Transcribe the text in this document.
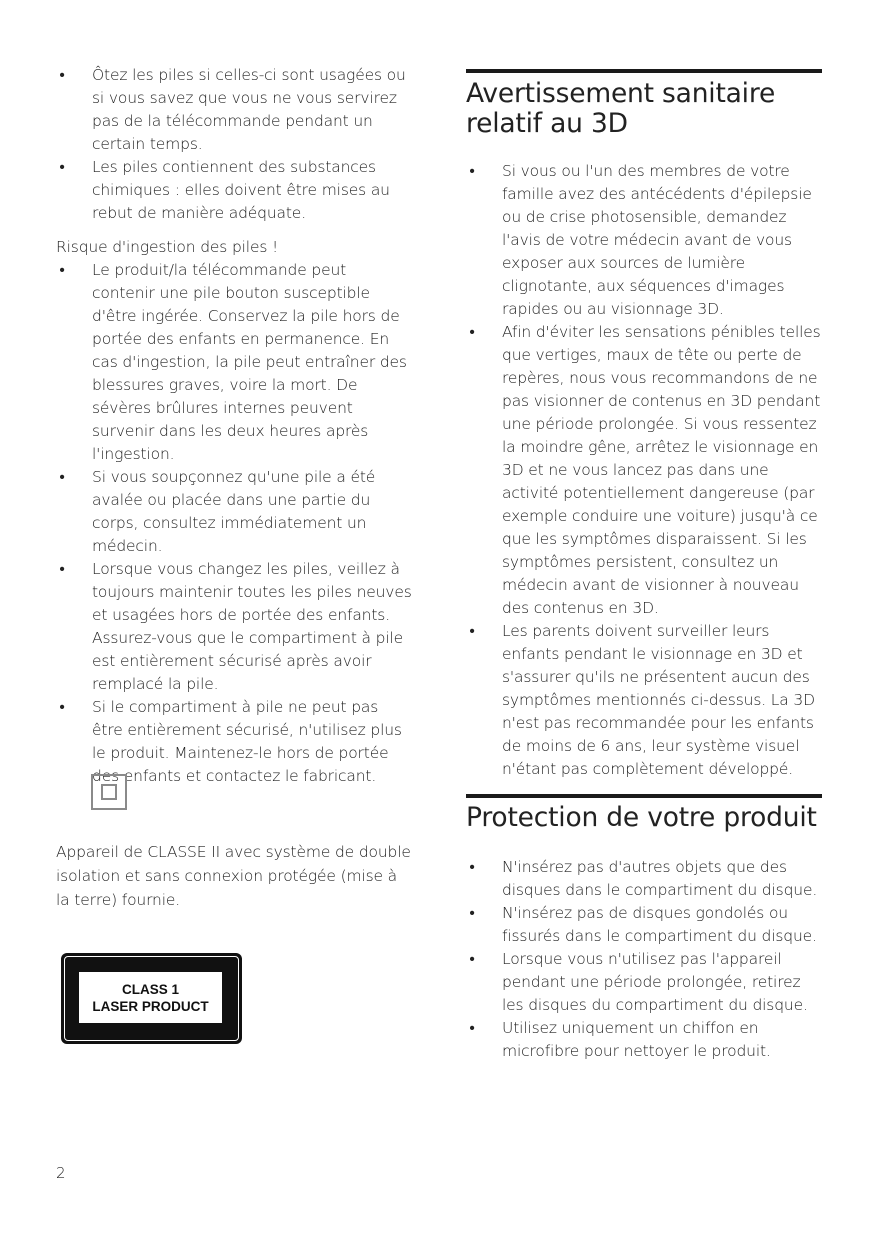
• Ôtez les piles si celles-ci sont usagées ou si vous savez que vous ne vous servirez pas de la télécommande pendant un certain temps.
• Les piles contiennent des substances chimiques : elles doivent être mises au rebut de manière adéquate.
Risque d'ingestion des piles !
• Le produit/la télécommande peut contenir une pile bouton susceptible d'être ingérée. Conservez la pile hors de portée des enfants en permanence. En cas d'ingestion, la pile peut entraîner des blessures graves, voire la mort. De sévères brûlures internes peuvent survenir dans les deux heures après l'ingestion.
• Si vous soupçonnez qu'une pile a été avalée ou placée dans une partie du corps, consultez immédiatement un médecin.
• Lorsque vous changez les piles, veillez à toujours maintenir toutes les piles neuves et usagées hors de portée des enfants. Assurez-vous que le compartiment à pile est entièrement sécurisé après avoir remplacé la pile.
• Si le compartiment à pile ne peut pas être entièrement sécurisé, n'utilisez plus le produit. Maintenez-le hors de portée des enfants et contactez le fabricant.
Appareil de CLASSE II avec système de double isolation et sans connexion protégée (mise à la terre) fournie.
CLASS 1
LASER PRODUCT
Avertissement sanitaire relatif au 3D
• Si vous ou l'un des membres de votre famille avez des antécédents d'épilepsie ou de crise photosensible, demandez l'avis de votre médecin avant de vous exposer aux sources de lumière clignotante, aux séquences d'images rapides ou au visionnage 3D.
• Afin d'éviter les sensations pénibles telles que vertiges, maux de tête ou perte de repères, nous vous recommandons de ne pas visionner de contenus en 3D pendant une période prolongée. Si vous ressentez la moindre gêne, arrêtez le visionnage en 3D et ne vous lancez pas dans une activité potentiellement dangereuse (par exemple conduire une voiture) jusqu'à ce que les symptômes disparaissent. Si les symptômes persistent, consultez un médecin avant de visionner à nouveau des contenus en 3D.
• Les parents doivent surveiller leurs enfants pendant le visionnage en 3D et s'assurer qu'ils ne présentent aucun des symptômes mentionnés ci-dessus. La 3D n'est pas recommandée pour les enfants de moins de 6 ans, leur système visuel n'étant pas complètement développé.
Protection de votre produit
• N'insérez pas d'autres objets que des disques dans le compartiment du disque.
• N'insérez pas de disques gondolés ou fissurés dans le compartiment du disque.
• Lorsque vous n'utilisez pas l'appareil pendant une période prolongée, retirez les disques du compartiment du disque.
• Utilisez uniquement un chiffon en microfibre pour nettoyer le produit.
2
